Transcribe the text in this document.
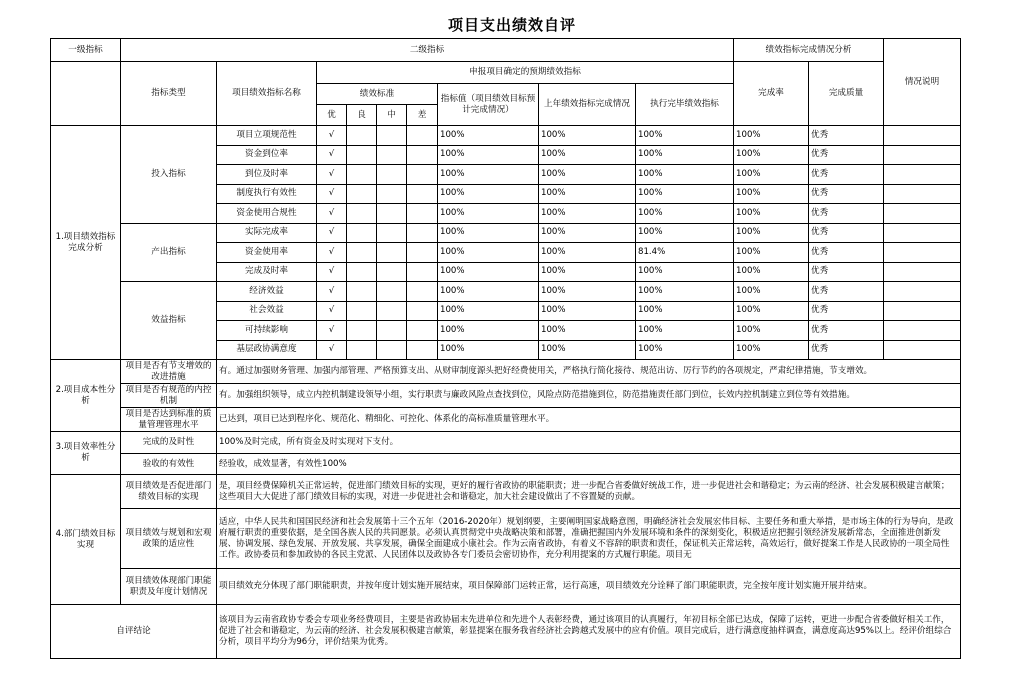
项目支出绩效自评
一级指标	二级指标									绩效指标完成情况分析		情况说明
	指标类型	项目绩效指标名称	申报项目确定的预期绩效指标							完成率	完成质量	
			绩效标准				指标值（项目绩效目标预计完成情况）	上年绩效指标完成情况	执行完毕绩效指标			
			优	良	中	差						
1.项目绩效指标完成分析	投入指标	项目立项规范性	√				100%	100%	100%	100%	优秀	
		资金到位率	√				100%	100%	100%	100%	优秀	
		到位及时率	√				100%	100%	100%	100%	优秀	
		制度执行有效性	√				100%	100%	100%	100%	优秀	
		资金使用合规性	√				100%	100%	100%	100%	优秀	
	产出指标	实际完成率	√				100%	100%	100%	100%	优秀	
		资金使用率	√				100%	100%	81.4%	100%	优秀	
		完成及时率	√				100%	100%	100%	100%	优秀	
	效益指标	经济效益	√				100%	100%	100%	100%	优秀	
		社会效益	√				100%	100%	100%	100%	优秀	
		可持续影响	√				100%	100%	100%	100%	优秀	
		基层政协满意度	√				100%	100%	100%	100%	优秀	
2.项目成本性分析	项目是否有节支增效的改进措施	有。通过加强财务管理、加强内部管理、严格预算支出、从财审制度源头把好经费使用关，严格执行简化接待、规范出访、厉行节约的各项规定，严肃纪律措施，节支增效。										
	项目是否有规范的内控机制	有。加强组织领导，成立内控机制建设领导小组，实行职责与廉政风险点查找到位，风险点防范措施到位，防范措施责任部门到位，长效内控机制建立到位等有效措施。										
	项目是否达到标准的质量管理管理水平	已达到，项目已达到程序化、规范化、精细化、可控化、体系化的高标准质量管理水平。										
3.项目效率性分析	完成的及时性	100%及时完成，所有资金及时实现对下支付。										
	验收的有效性	经验收，成效显著，有效性100%										
4.部门绩效目标实现	项目绩效是否促进部门绩效目标的实现	是，项目经费保障机关正常运转，促进部门绩效目标的实现，更好的履行省政协的职能职责；进一步配合省委做好统战工作，进一步促进社会和谐稳定；为云南的经济、社会发展积极建言献策；这些项目大大促进了部门绩效目标的实现，对进一步促进社会和谐稳定，加大社会建设做出了不容置疑的贡献。										
	项目绩效与规划和宏观政策的适应性	适应，中华人民共和国国民经济和社会发展第十三个五年（2016-2020年）规划纲要，主要阐明国家战略意图，明确经济社会发展宏伟目标、主要任务和重大举措，是市场主体的行为导向，是政府履行职责的重要依据，是全国各族人民的共同愿景。必须认真贯彻党中央战略决策和部署，准确把握国内外发展环境和条件的深刻变化，积极适应把握引领经济发展新常态，全面推进创新发展、协调发展、绿色发展、开放发展、共享发展，确保全面建成小康社会。作为云南省政协，有着义不容辞的职责和责任，保证机关正常运转，高效运行，做好提案工作是人民政协的一项全局性工作。政协委员和参加政协的各民主党派、人民团体以及政协各专门委员会密切协作，充分利用提案的方式履行职能。项目无										
	项目绩效体现部门职能职责及年度计划情况	项目绩效充分体现了部门职能职责，并按年度计划实施开展结束，项目保障部门运转正常，运行高速，项目绩效充分诠释了部门职能职责，完全按年度计划实施开展并结束。										
自评结论		该项目为云南省政协专委会专项业务经费项目，主要是省政协届末先进单位和先进个人表彰经费，通过该项目的认真履行，年初目标全部已达成，保障了运转，更进一步配合省委做好相关工作，促进了社会和谐稳定，为云南的经济、社会发展积极建言献策，彰显提案在服务我省经济社会跨越式发展中的应有价值。项目完成后，进行满意度抽样调查，满意度高达95%以上。经评价组综合分析，项目平均分为96分，评价结果为优秀。										
